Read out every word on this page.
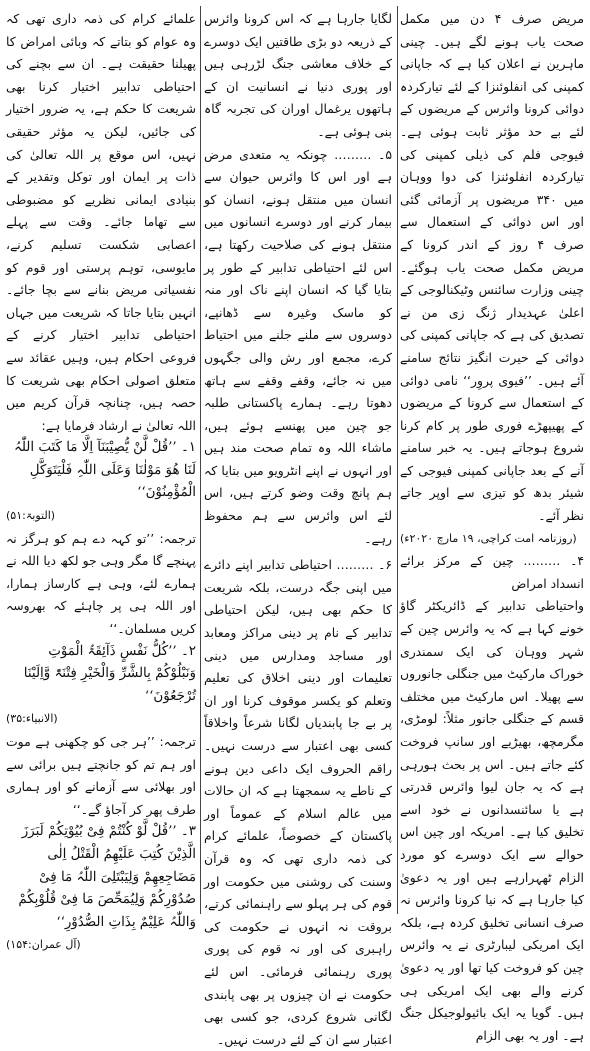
مریض صرف ۴ دن میں مکمل صحت یاب ہونے لگے ہیں۔ چینی ماہرین نے اعلان کیا ہے کہ جاپانی کمپنی کی انفلوئنزا کے لئے تیارکردہ دوائی کرونا وائرس کے مریضوں کے لئے بے حد مؤثر ثابت ہوئی ہے۔ فیوجی فلم کی ذیلی کمپنی کی تیارکردہ انفلوئنزا کی دوا ووہان میں ۳۴۰ مریضوں پر آزمائی گئی اور اس دوائی کے استعمال سے صرف ۴ روز کے اندر کرونا کے مریض مکمل صحت یاب ہوگئے۔ چینی وزارت سائنس وٹیکنالوجی کے اعلیٰ عہدیدار ژنگ زی من نے تصدیق کی ہے کہ جاپانی کمپنی کی دوائی کے حیرت انگیز نتائج سامنے آئے ہیں۔ ’’فیوی پروِر‘‘ نامی دوائی کے استعمال سے کرونا کے مریضوں کے پھیپھڑے فوری طور پر کام کرنا شروع ہوجاتے ہیں۔ یہ خبر سامنے آنے کے بعد جاپانی کمپنی فیوجی کے شیئر بدھ کو تیزی سے اوپر جاتے نظر آئے۔

(روزنامہ امت کراچی، ۱۹ مارچ ۲۰۲۰ء)

۴۔ ……… چین کے مرکز برائے انسداد امراض

واحتیاطی تدابیر کے ڈائریکٹر گاؤ خونے کہا ہے کہ یہ وائرس چین کے شہر ووہان کی ایک سمندری خوراک مارکیٹ میں جنگلی جانوروں سے پھیلا۔ اس مارکیٹ میں مختلف قسم کے جنگلی جانور مثلاً: لومڑی، مگرمچھ، بھیڑیے اور سانپ فروخت کئے جاتے ہیں۔ اس پر بحث ہورہی ہے کہ یہ جان لیوا وائرس قدرتی ہے یا سائنسدانوں نے خود اسے تخلیق کیا ہے۔ امریکہ اور چین اس حوالے سے ایک دوسرے کو مورد الزام ٹھہرارہے ہیں اور یہ دعویٰ کیا جارہا ہے کہ نیا کرونا وائرس نہ صرف انسانی تخلیق کردہ ہے، بلکہ ایک امریکی لیبارٹری نے یہ وائرس چین کو فروخت کیا تھا اور یہ دعویٰ کرنے والے بھی ایک امریکی ہی ہیں۔ گویا یہ ایک بائیولوجیکل جنگ ہے۔ اور یہ بھی الزام

لگایا جارہا ہے کہ اس کرونا وائرس کے ذریعہ دو بڑی طاقتیں ایک دوسرے کے خلاف معاشی جنگ لڑرہی ہیں اور پوری دنیا نے انسانیت ان کے ہاتھوں یرغمال اوران کی تجربہ گاہ بنی ہوئی ہے۔

۵۔ ……… چونکہ یہ متعدی مرض ہے اور اس کا وائرس حیوان سے انسان میں منتقل ہونے، انسان کو بیمار کرنے اور دوسرے انسانوں میں منتقل ہونے کی صلاحیت رکھتا ہے، اس لئے احتیاطی تدابیر کے طور پر بتایا گیا کہ انسان اپنے ناک اور منہ کو ماسک وغیرہ سے ڈھانپے، دوسروں سے ملنے جلنے میں احتیاط کرے، مجمع اور رش والی جگہوں میں نہ جائے، وقفے وقفے سے ہاتھ دھوتا رہے۔ ہمارے پاکستانی طلبہ جو چین میں پھنسے ہوئے ہیں، ماشاء اللہ وہ تمام صحت مند ہیں اور انہوں نے اپنے انٹرویو میں بتایا کہ ہم پانچ وقت وضو کرتے ہیں، اس لئے اس وائرس سے ہم محفوظ رہے۔

۶۔ ……… احتیاطی تدابیر اپنے دائرے میں اپنی جگہ درست، بلکہ شریعت کا حکم بھی ہیں، لیکن احتیاطی تدابیر کے نام پر دینی مراکز ومعابد اور مساجد ومدارس میں دینی تعلیمات اور دینی اخلاق کی تعلیم وتعلم کو یکسر موقوف کرنا اور ان پر بے جا پابندیاں لگانا شرعاً واخلاقاً کسی بھی اعتبار سے درست نہیں۔ راقم الحروف ایک داعی دین ہونے کے ناطے یہ سمجھتا ہے کہ ان حالات میں عالم اسلام کے عموماً اور پاکستان کے خصوصاً، علمائے کرام کی ذمہ داری تھی کہ وہ قرآن وسنت کی روشنی میں حکومت اور قوم کی ہر پہلو سے راہنمائی کرتے، بروقت نہ انہوں نے حکومت کی راہبری کی اور نہ قوم کی پوری پوری رہنمائی فرمائی۔ اس لئے حکومت نے ان چیزوں پر بھی پابندی لگانی شروع کردی، جو کسی بھی اعتبار سے ان کے لئے درست نہیں۔

علمائے کرام کی ذمہ داری تھی کہ وہ عوام کو بتاتے کہ وبائی امراض کا پھیلنا حقیقت ہے۔ ان سے بچنے کی احتیاطی تدابیر اختیار کرنا بھی شریعت کا حکم ہے، یہ ضرور اختیار کی جائیں، لیکن یہ مؤثر حقیقی نہیں، اس موقع پر اللہ تعالیٰ کی ذات پر ایمان اور توکل وتقدیر کے بنیادی ایمانی نظریے کو مضبوطی سے تھاما جائے۔ وقت سے پہلے اعصابی شکست تسلیم کرنے، مایوسی، توہم پرستی اور قوم کو نفسیاتی مریض بنانے سے بچا جائے۔ انہیں بتایا جاتا کہ شریعت میں جہاں احتیاطی تدابیر اختیار کرنے کے فروعی احکام ہیں، وہیں عقائد سے متعلق اصولی احکام بھی شریعت کا حصہ ہیں، چنانچہ قرآن کریم میں اللہ تعالیٰ نے ارشاد فرمایا ہے:

۱۔ ’’قُلْ لَّنْ یُّصِیْبَنَآ اِلَّا مَا کَتَبَ اللّٰہُ لَنَا ھُوَ مَوْلٰنَا وَعَلَی اللّٰہِ فَلْیَتَوَکَّلِ الْمُؤْمِنُوْنَ‘‘

(التوبۃ:۵۱)

ترجمہ: ’’تو کہہ دے ہم کو ہرگز نہ پہنچے گا مگر وہی جو لکھ دیا اللہ نے ہمارے لئے، وہی ہے کارساز ہمارا، اور اللہ ہی پر چاہئے کہ بھروسہ کریں مسلمان۔‘‘

۲۔ ’’کُلُّ نَفْسٍ ذَآئِقَۃُ الْمَوْتِ وَنَبْلُوْکُمْ بِالشَّرِّ وَالْخَیْرِ فِتْنَۃً وَّاِلَیْنَا تُرْجَعُوْنَ‘‘

(الانبیاء:۳۵)

ترجمہ: ’’ہر جی کو چکھنی ہے موت اور ہم تم کو جانچتے ہیں برائی سے اور بھلائی سے آزمانے کو اور ہماری طرف پھر کر آجاؤ گے۔‘‘

۳۔ ’’قُلْ لَّوْ کُنْتُمْ فِیْ بُیُوْتِکُمْ لَبَرَزَ الَّذِیْنَ کُتِبَ عَلَیْھِمُ الْقَتْلُ اِلٰی مَضَاجِعِھِمْ وَلِیَبْتَلِیَ اللّٰہُ مَا فِیْ صُدُوْرِکُمْ وَلِیُمَحِّصَ مَا فِیْ قُلُوْبِکُمْ وَاللّٰہُ عَلِیْمٌ بِذَاتِ الصُّدُوْرِ‘‘

(آل عمران:۱۵۴)
